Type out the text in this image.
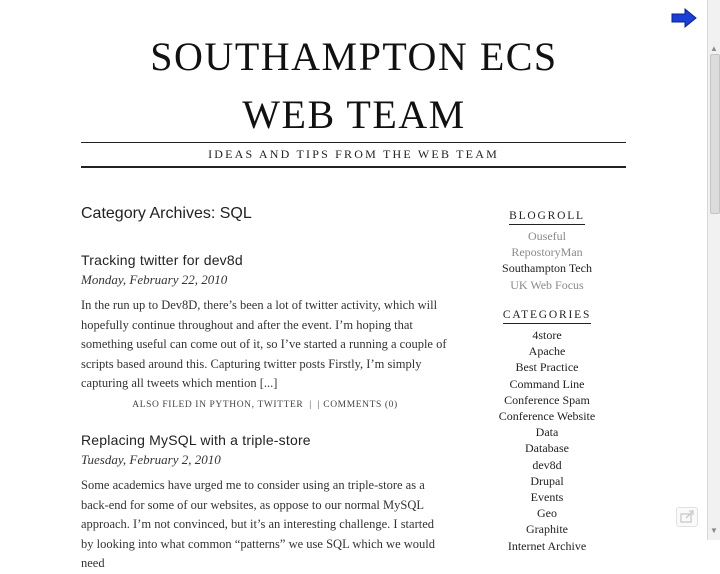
SOUTHAMPTON ECS
WEB TEAM
IDEAS AND TIPS FROM THE WEB TEAM
Category Archives: SQL
Tracking twitter for dev8d
Monday, February 22, 2010
In the run up to Dev8D, there’s been a lot of twitter activity, which will hopefully continue throughout and after the event. I’m hoping that something useful can come out of it, so I’ve started a running a couple of scripts based around this. Capturing twitter posts Firstly, I’m simply capturing all tweets which mention [...]
ALSO FILED IN PYTHON, TWITTER | | COMMENTS (0)
Replacing MySQL with a triple-store
Tuesday, February 2, 2010
Some academics have urged me to consider using an triple-store as a back-end for some of our websites, as oppose to our normal MySQL approach. I’m not convinced, but it’s an interesting challenge. I started by looking into what common “patterns” we use SQL which we would need
BLOGROLL
Ouseful
RepostoryMan
Southampton Tech
UK Web Focus
CATEGORIES
4store
Apache
Best Practice
Command Line
Conference Spam
Conference Website
Data
Database
dev8d
Drupal
Events
Geo
Graphite
Internet Archive
▲
▼
